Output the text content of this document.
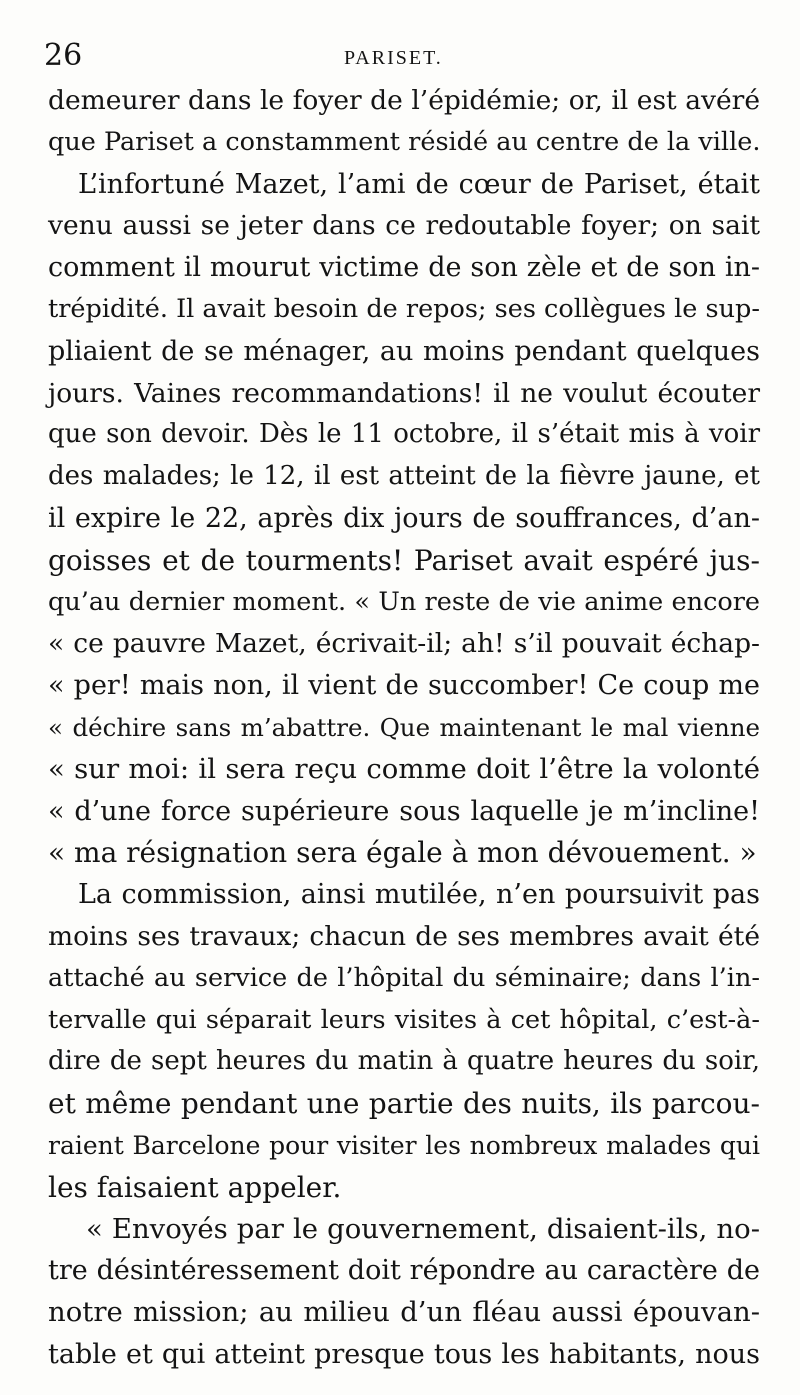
26	PARISET.
demeurer dans le foyer de l’épidémie; or, il est avéré
que Pariset a constamment résidé au centre de la ville.
L’infortuné Mazet, l’ami de cœur de Pariset, était
venu aussi se jeter dans ce redoutable foyer; on sait
comment il mourut victime de son zèle et de son in-
trépidité. Il avait besoin de repos; ses collègues le sup-
pliaient de se ménager, au moins pendant quelques
jours. Vaines recommandations! il ne voulut écouter
que son devoir. Dès le 11 octobre, il s’était mis à voir
des malades; le 12, il est atteint de la fièvre jaune, et
il expire le 22, après dix jours de souffrances, d’an-
goisses et de tourments! Pariset avait espéré jus-
qu’au dernier moment. « Un reste de vie anime encore
« ce pauvre Mazet, écrivait-il; ah! s’il pouvait échap-
« per! mais non, il vient de succomber! Ce coup me
« déchire sans m’abattre. Que maintenant le mal vienne
« sur moi: il sera reçu comme doit l’être la volonté
« d’une force supérieure sous laquelle je m’incline!
« ma résignation sera égale à mon dévouement. »
La commission, ainsi mutilée, n’en poursuivit pas
moins ses travaux; chacun de ses membres avait été
attaché au service de l’hôpital du séminaire; dans l’in-
tervalle qui séparait leurs visites à cet hôpital, c’est-à-
dire de sept heures du matin à quatre heures du soir,
et même pendant une partie des nuits, ils parcou-
raient Barcelone pour visiter les nombreux malades qui
les faisaient appeler.
« Envoyés par le gouvernement, disaient-ils, no-
tre désintéressement doit répondre au caractère de
notre mission; au milieu d’un fléau aussi épouvan-
table et qui atteint presque tous les habitants, nous
